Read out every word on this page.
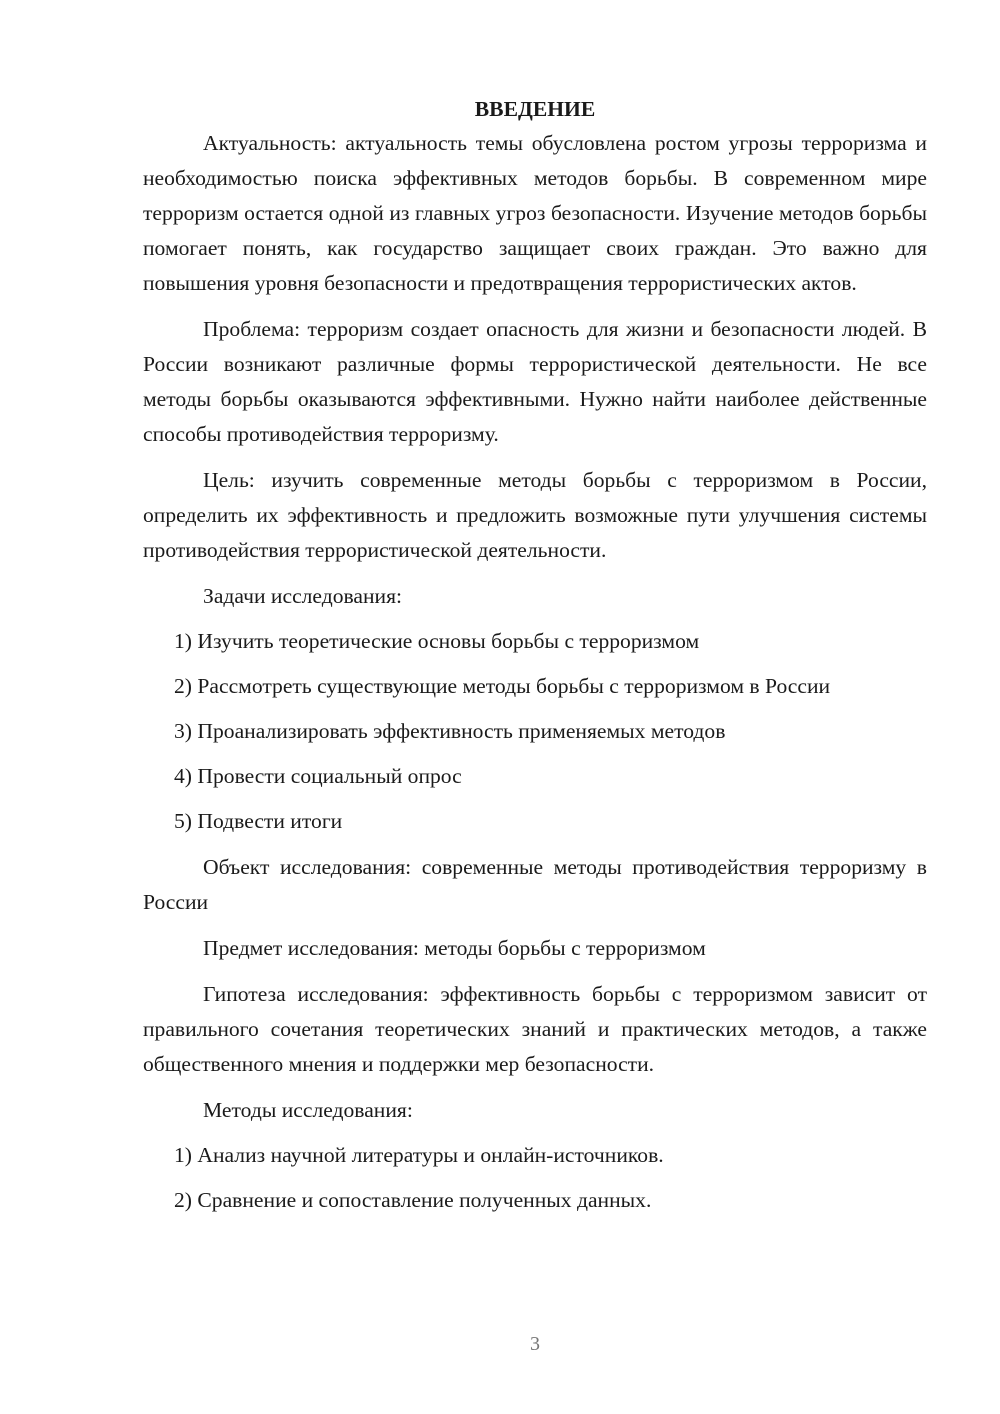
ВВЕДЕНИЕ

Актуальность: актуальность темы обусловлена ростом угрозы терроризма и необходимостью поиска эффективных методов борьбы. В современном мире терроризм остается одной из главных угроз безопасности. Изучение методов борьбы помогает понять, как государство защищает своих граждан. Это важно для повышения уровня безопасности и предотвращения террористических актов.

Проблема: терроризм создает опасность для жизни и безопасности людей. В России возникают различные формы террористической деятельности. Не все методы борьбы оказываются эффективными. Нужно найти наиболее действенные способы противодействия терроризму.

Цель: изучить современные методы борьбы с терроризмом в России, определить их эффективность и предложить возможные пути улучшения системы противодействия террористической деятельности.

Задачи исследования:

1) Изучить теоретические основы борьбы с терроризмом

2) Рассмотреть существующие методы борьбы с терроризмом в России

3) Проанализировать эффективность применяемых методов

4) Провести социальный опрос

5) Подвести итоги

Объект исследования: современные методы противодействия терроризму в России

Предмет исследования: методы борьбы с терроризмом

Гипотеза исследования: эффективность борьбы с терроризмом зависит от правильного сочетания теоретических знаний и практических методов, а также общественного мнения и поддержки мер безопасности.

Методы исследования:

1) Анализ научной литературы и онлайн-источников.

2) Сравнение и сопоставление полученных данных.

3
